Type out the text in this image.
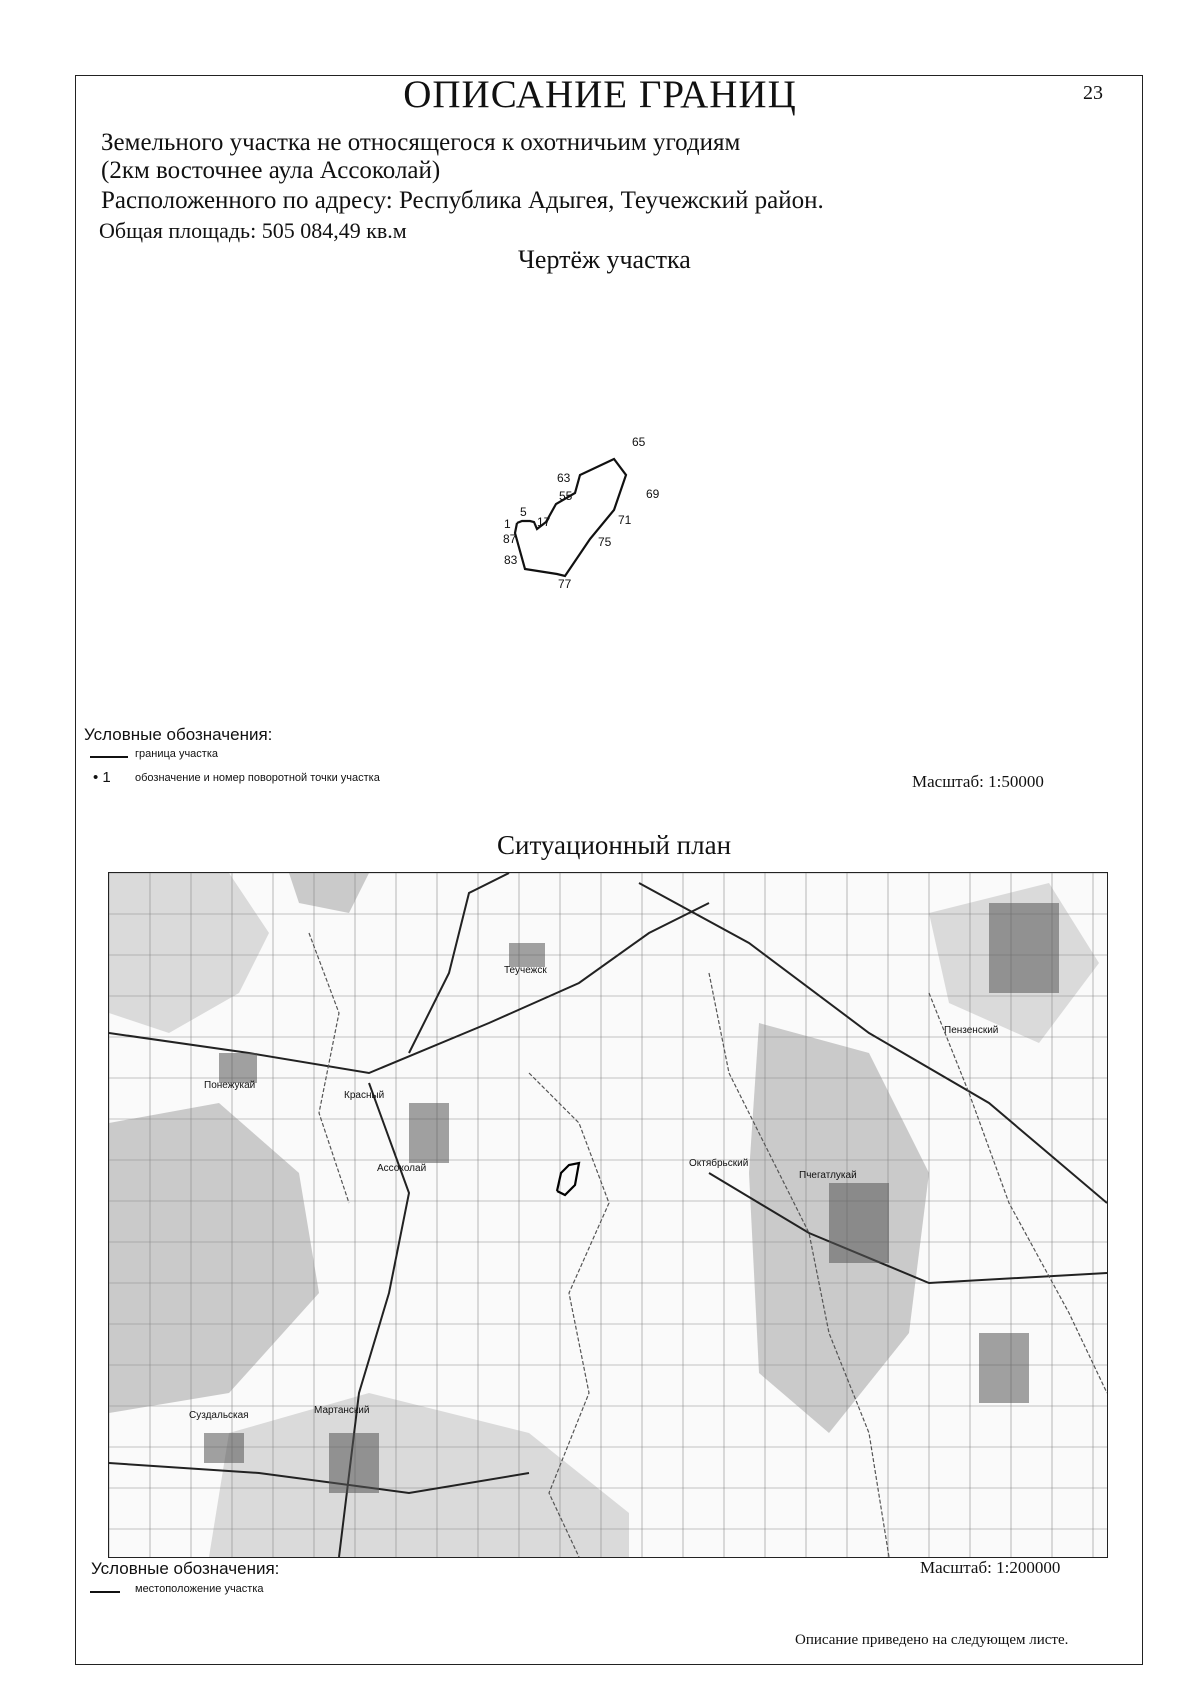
23
ОПИСАНИЕ ГРАНИЦ
Земельного участка не относящегося к охотничьим угодиям
(2км восточнее аула Ассоколай)
Расположенного по адресу: Республика Адыгея, Теучежский район.
Общая площадь: 505 084,49 кв.м
Чертёж участка
65
63
55	69
5
1 17	71
87	75
83
77
Условные обозначения:
граница участка
• 1 обозначение и номер поворотной точки участка	Масштаб: 1:50000
Ситуационный план
Теучежск
Понежукай
Красный
Ассоколай	Октябрьский
Пчегатлукай
Суздальская	Мартанский
Пензенский
Условные обозначения:
местоположение участка
Масштаб: 1:200000
Описание приведено на следующем листе.
